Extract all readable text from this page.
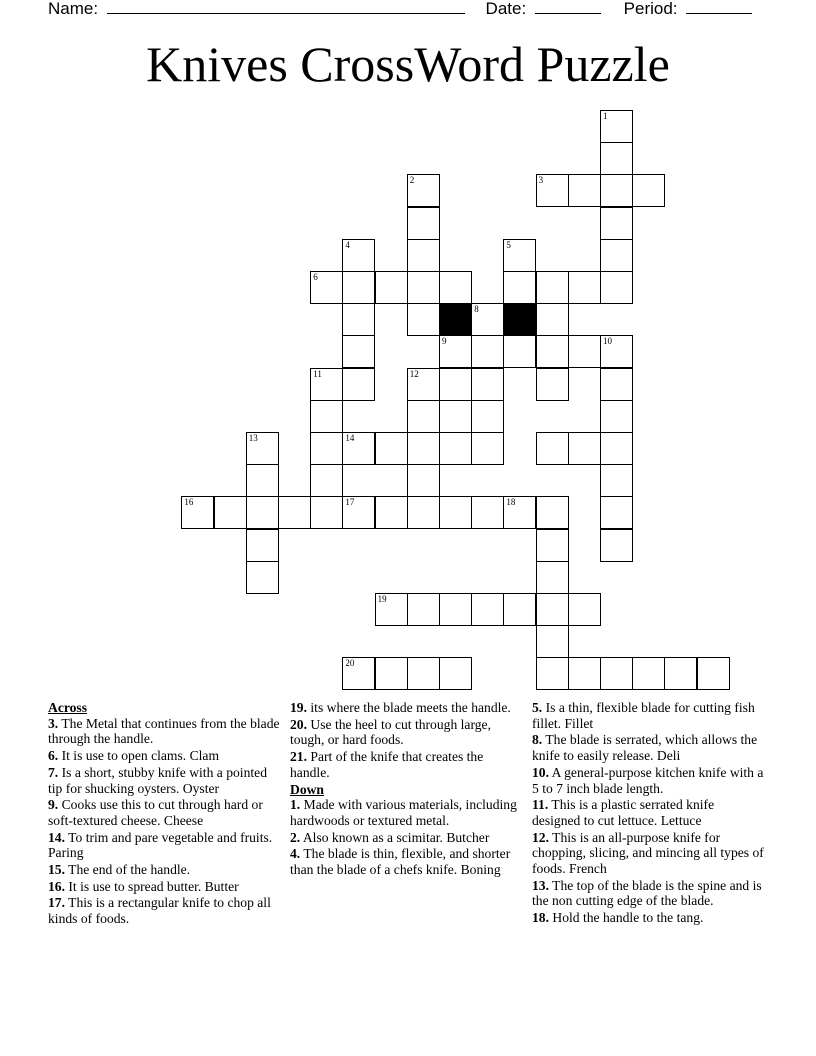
Name:	Date:	Period:
Knives CrossWord Puzzle
1
2	3
4	5
6
8
9	10
11	12
13	14
16	17	18
19
20

Across

3. The Metal that continues from the blade through the handle.

6. It is use to open clams. Clam

7. Is a short, stubby knife with a pointed tip for shucking oysters. Oyster

9. Cooks use this to cut through hard or soft-textured cheese. Cheese

14. To trim and pare vegetable and fruits. Paring

15. The end of the handle.

16. It is use to spread butter. Butter

17. This is a rectangular knife to chop all kinds of foods.

19. its where the blade meets the handle.

20. Use the heel to cut through large, tough, or hard foods.

21. Part of the knife that creates the handle.

Down

1. Made with various materials, including hardwoods or textured metal.

2. Also known as a scimitar. Butcher

4. The blade is thin, flexible, and shorter than the blade of a chefs knife. Boning

5. Is a thin, flexible blade for cutting fish fillet. Fillet

8. The blade is serrated, which allows the knife to easily release. Deli

10. A general-purpose kitchen knife with a 5 to 7 inch blade length.

11. This is a plastic serrated knife designed to cut lettuce. Lettuce

12. This is an all-purpose knife for chopping, slicing, and mincing all types of foods. French

13. The top of the blade is the spine and is the non cutting edge of the blade.

18. Hold the handle to the tang.
